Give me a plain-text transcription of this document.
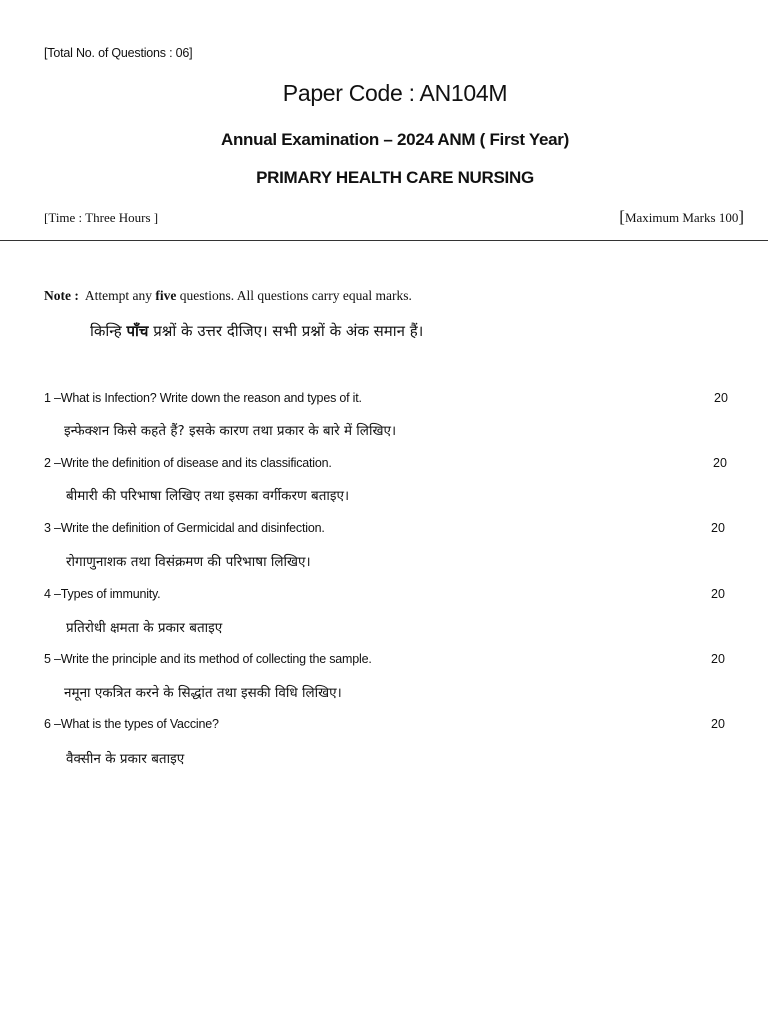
[Total No. of Questions : 06]
Paper Code : AN104M
Annual Examination – 2024 ANM ( First Year)
PRIMARY HEALTH CARE NURSING
[Time : Three Hours ]	[Maximum Marks 100]
Note : Attempt any five questions. All questions carry equal marks.
किन्हि पाँच प्रश्नों के उत्तर दीजिए। सभी प्रश्नों के अंक समान हैं।
1 –What is Infection? Write down the reason and types of it.	20
इन्फेक्शन किसे कहते हैं? इसके कारण तथा प्रकार के बारे में लिखिए।
2 –Write the definition of disease and its classification.	20
बीमारी की परिभाषा लिखिए तथा इसका वर्गीकरण बताइए।
3 –Write the definition of Germicidal and disinfection.	20
रोगाणुनाशक तथा विसंक्रमण की परिभाषा लिखिए।
4 –Types of immunity.	20
प्रतिरोधी क्षमता के प्रकार बताइए
5 –Write the principle and its method of collecting the sample.	20
नमूना एकत्रित करने के सिद्धांत तथा इसकी विधि लिखिए।
6 –What is the types of Vaccine?	20
वैक्सीन के प्रकार बताइए
